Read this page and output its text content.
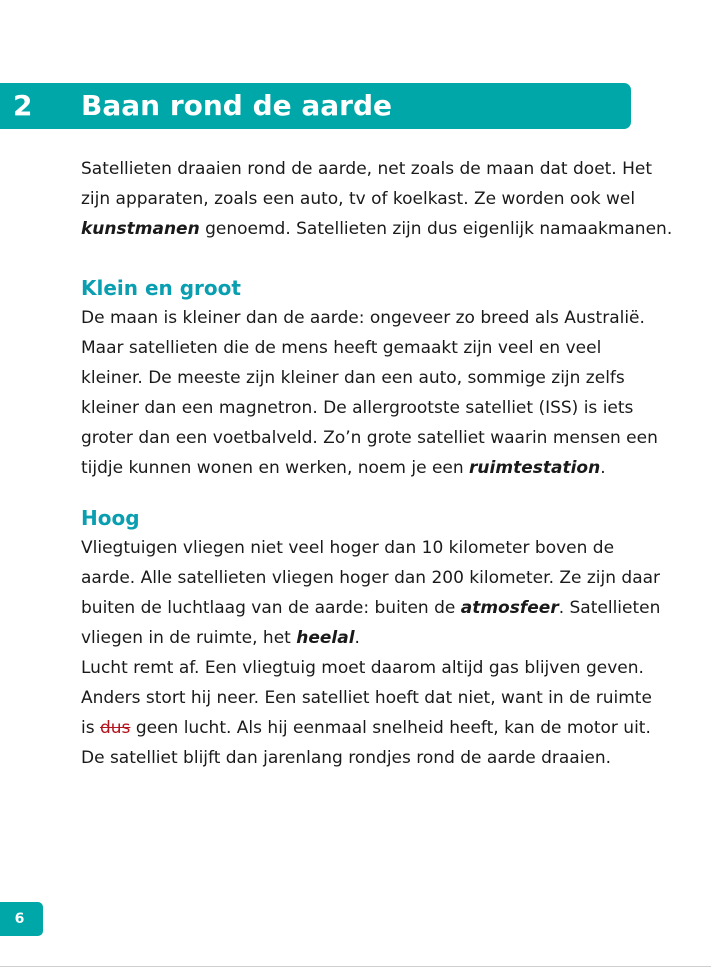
2 Baan rond de aarde

Satellieten draaien rond de aarde, net zoals de maan dat doet. Het

zijn apparaten, zoals een auto, tv of koelkast. Ze worden ook wel

kunstmanen genoemd. Satellieten zijn dus eigenlijk namaakmanen.

Klein en groot

De maan is kleiner dan de aarde: ongeveer zo breed als Australië.

Maar satellieten die de mens heeft gemaakt zijn veel en veel

kleiner. De meeste zijn kleiner dan een auto, sommige zijn zelfs

kleiner dan een magnetron. De allergrootste satelliet (ISS) is iets

groter dan een voetbalveld. Zo’n grote satelliet waarin mensen een

tijdje kunnen wonen en werken, noem je een ruimtestation.

Hoog

Vliegtuigen vliegen niet veel hoger dan 10 kilometer boven de

aarde. Alle satellieten vliegen hoger dan 200 kilometer. Ze zijn daar

buiten de luchtlaag van de aarde: buiten de atmosfeer. Satellieten

vliegen in de ruimte, het heelal.

Lucht remt af. Een vliegtuig moet daarom altijd gas blijven geven.

Anders stort hij neer. Een satelliet hoeft dat niet, want in de ruimte

is dus geen lucht. Als hij eenmaal snelheid heeft, kan de motor uit.

De satelliet blijft dan jarenlang rondjes rond de aarde draaien.

6
